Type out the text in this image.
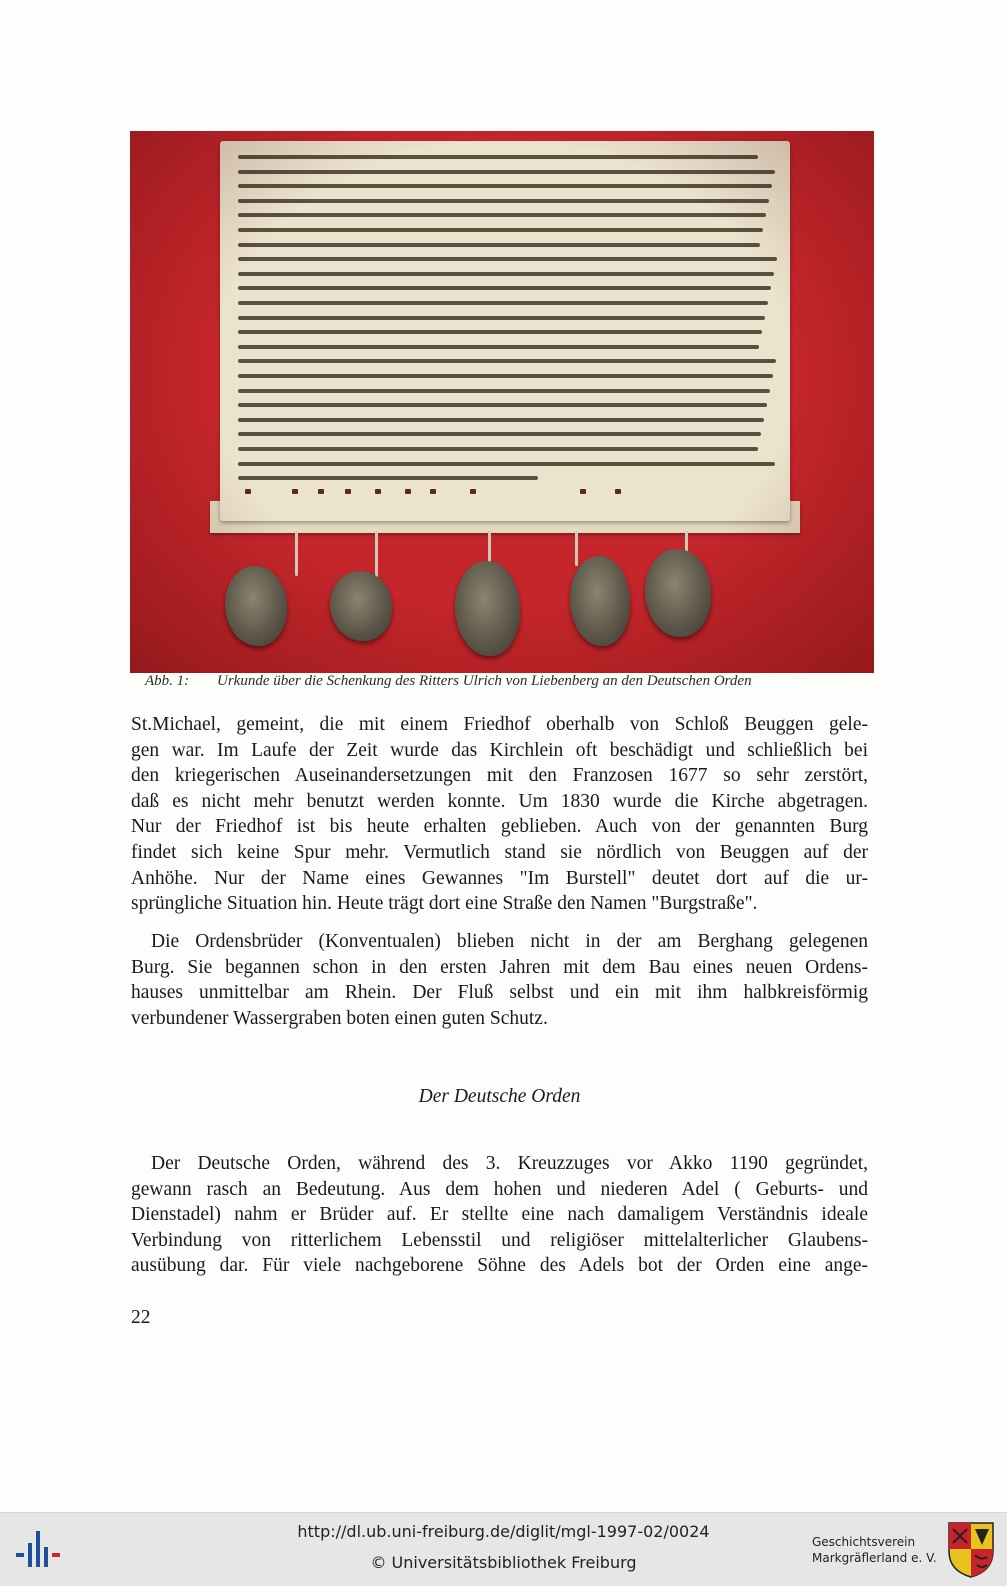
Abb. 1: Urkunde über die Schenkung des Ritters Ulrich von Liebenberg an den Deutschen Orden
St.Michael, gemeint, die mit einem Friedhof oberhalb von Schloß Beuggen gele-
gen war. Im Laufe der Zeit wurde das Kirchlein oft beschädigt und schließlich bei
den kriegerischen Auseinandersetzungen mit den Franzosen 1677 so sehr zerstört,
daß es nicht mehr benutzt werden konnte. Um 1830 wurde die Kirche abgetragen.
Nur der Friedhof ist bis heute erhalten geblieben. Auch von der genannten Burg
findet sich keine Spur mehr. Vermutlich stand sie nördlich von Beuggen auf der
Anhöhe. Nur der Name eines Gewannes "Im Burstell" deutet dort auf die ur-
sprüngliche Situation hin. Heute trägt dort eine Straße den Namen "Burgstraße".
Die Ordensbrüder (Konventualen) blieben nicht in der am Berghang gelegenen
Burg. Sie begannen schon in den ersten Jahren mit dem Bau eines neuen Ordens-
hauses unmittelbar am Rhein. Der Fluß selbst und ein mit ihm halbkreisförmig
verbundener Wassergraben boten einen guten Schutz.
Der Deutsche Orden
Der Deutsche Orden, während des 3. Kreuzzuges vor Akko 1190 gegründet,
gewann rasch an Bedeutung. Aus dem hohen und niederen Adel ( Geburts- und
Dienstadel) nahm er Brüder auf. Er stellte eine nach damaligem Verständnis ideale
Verbindung von ritterlichem Lebensstil und religiöser mittelalterlicher Glaubens-
ausübung dar. Für viele nachgeborene Söhne des Adels bot der Orden eine ange-
22
http://dl.ub.uni-freiburg.de/diglit/mgl-1997-02/0024
© Universitätsbibliothek Freiburg
Geschichtsverein
Markgräflerland e. V.
